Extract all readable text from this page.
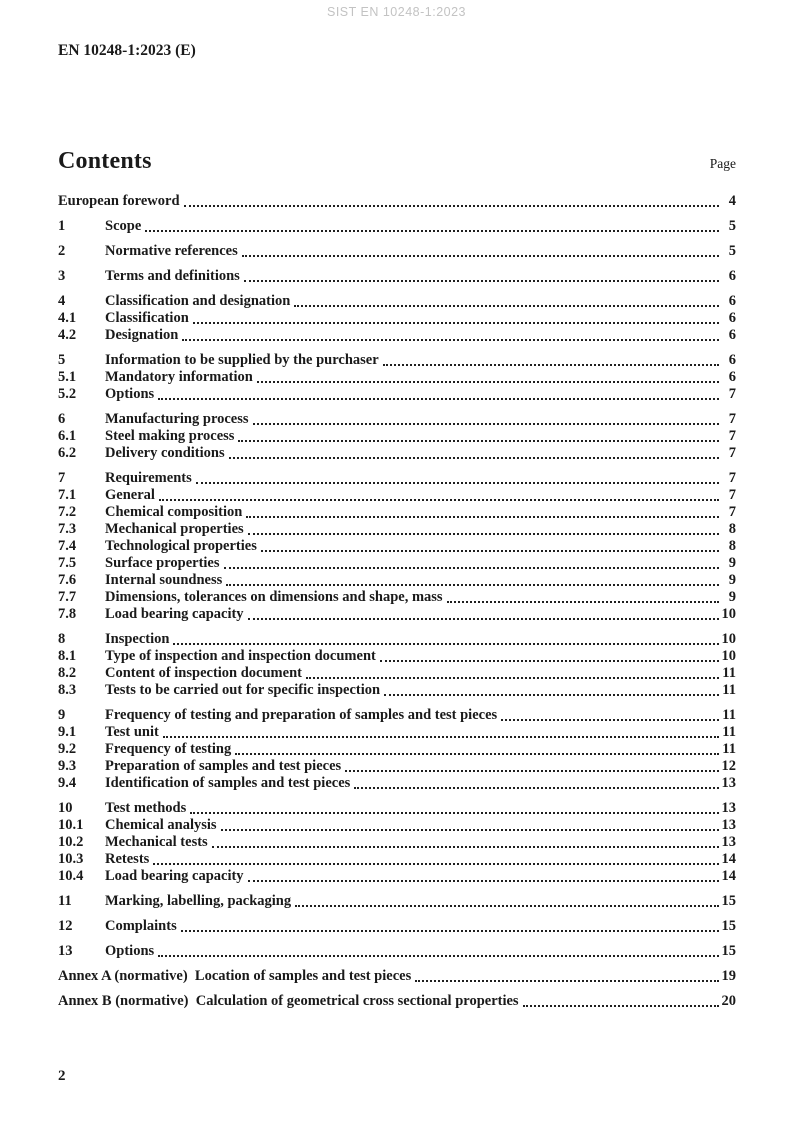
SIST EN 10248-1:2023
EN 10248-1:2023 (E)
Contents	Page
European foreword	4
1	Scope	5
2	Normative references	5
3	Terms and definitions	6
4	Classification and designation	6
4.1	Classification	6
4.2	Designation	6
5	Information to be supplied by the purchaser	6
5.1	Mandatory information	6
5.2	Options	7
6	Manufacturing process	7
6.1	Steel making process	7
6.2	Delivery conditions	7
7	Requirements	7
7.1	General	7
7.2	Chemical composition	7
7.3	Mechanical properties	8
7.4	Technological properties	8
7.5	Surface properties	9
7.6	Internal soundness	9
7.7	Dimensions, tolerances on dimensions and shape, mass	9
7.8	Load bearing capacity	10
8	Inspection	10
8.1	Type of inspection and inspection document	10
8.2	Content of inspection document	11
8.3	Tests to be carried out for specific inspection	11
9	Frequency of testing and preparation of samples and test pieces	11
9.1	Test unit	11
9.2	Frequency of testing	11
9.3	Preparation of samples and test pieces	12
9.4	Identification of samples and test pieces	13
10	Test methods	13
10.1	Chemical analysis	13
10.2	Mechanical tests	13
10.3	Retests	14
10.4	Load bearing capacity	14
11	Marking, labelling, packaging	15
12	Complaints	15
13	Options	15
Annex A (normative)  Location of samples and test pieces	19
Annex B (normative)  Calculation of geometrical cross sectional properties	20
2
